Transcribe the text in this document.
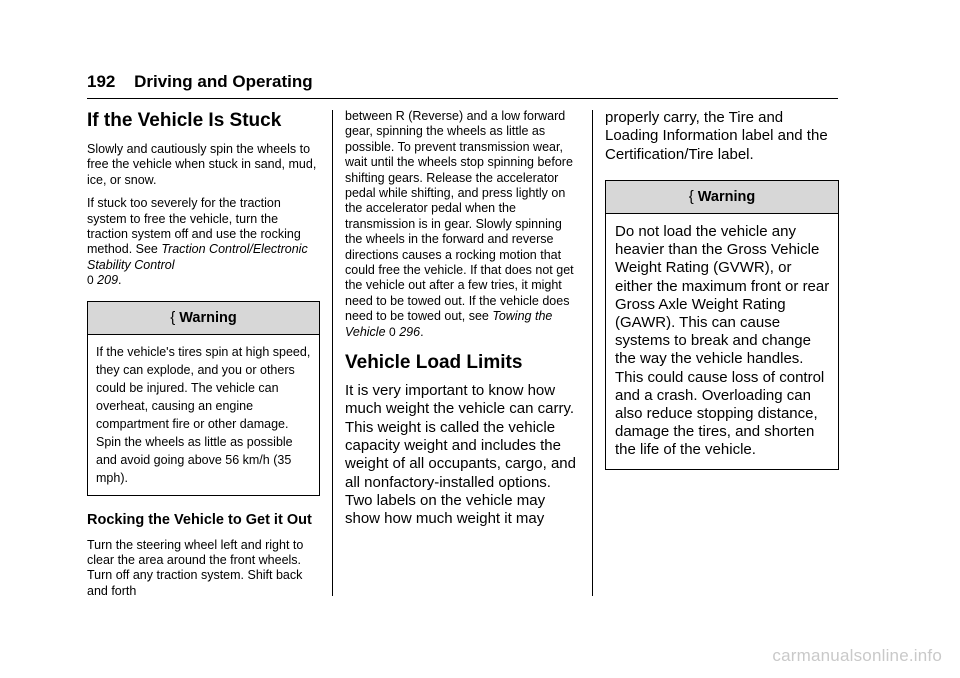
192 Driving and Operating
If the Vehicle Is Stuck

Slowly and cautiously spin the wheels to free the vehicle when stuck in sand, mud, ice, or snow.

If stuck too severely for the traction system to free the vehicle, turn the traction system off and use the rocking method. See Traction Control/Electronic Stability Control
0 209.

{ Warning
If the vehicle's tires spin at high speed, they can explode, and you or others could be injured. The vehicle can overheat, causing an engine compartment fire or other damage. Spin the wheels as little as possible and avoid going above 56 km/h (35 mph).
Rocking the Vehicle to Get it Out

Turn the steering wheel left and right to clear the area around the front wheels. Turn off any traction system. Shift back and forth

between R (Reverse) and a low forward gear, spinning the wheels as little as possible. To prevent transmission wear, wait until the wheels stop spinning before shifting gears. Release the accelerator pedal while shifting, and press lightly on the accelerator pedal when the transmission is in gear. Slowly spinning the wheels in the forward and reverse directions causes a rocking motion that could free the vehicle. If that does not get the vehicle out after a few tries, it might need to be towed out. If the vehicle does need to be towed out, see Towing the Vehicle 0 296.

Vehicle Load Limits

It is very important to know how much weight the vehicle can carry. This weight is called the vehicle capacity weight and includes the weight of all occupants, cargo, and all nonfactory-installed options. Two labels on the vehicle may show how much weight it may

properly carry, the Tire and Loading Information label and the Certification/Tire label.

{ Warning
Do not load the vehicle any heavier than the Gross Vehicle Weight Rating (GVWR), or either the maximum front or rear Gross Axle Weight Rating (GAWR). This can cause systems to break and change the way the vehicle handles. This could cause loss of control and a crash. Overloading can also reduce stopping distance, damage the tires, and shorten the life of the vehicle.
carmanualsonline.info
